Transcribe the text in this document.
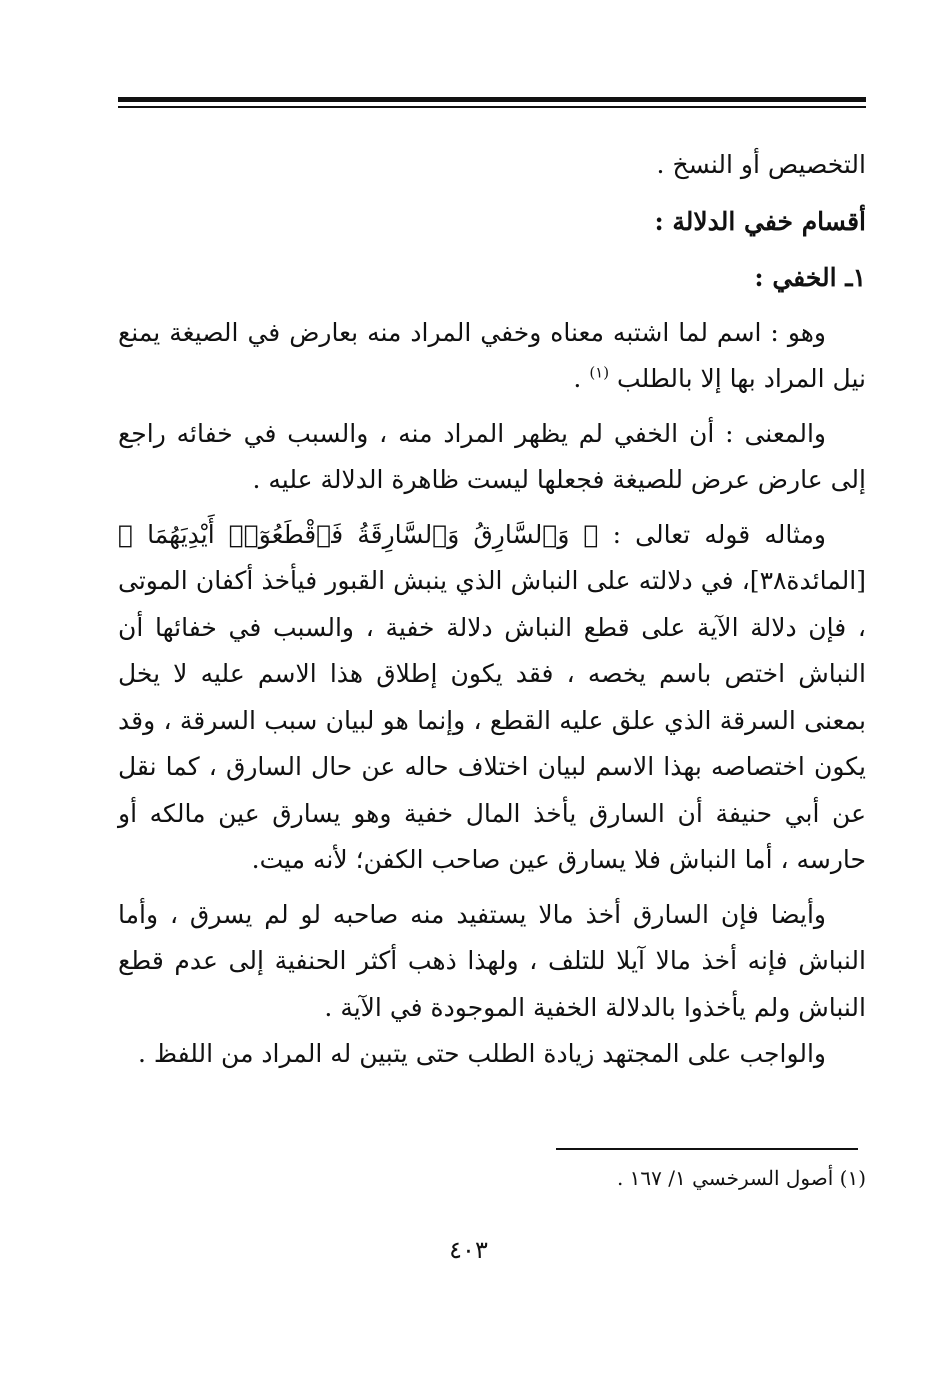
التخصيص أو النسخ .

أقسام خفي الدلالة :

١ـ الخفي :

وهو : اسم لما اشتبه معناه وخفي المراد منه بعارض في الصيغة يمنع نيل المراد بها إلا بالطلب $^{(١)}$ .

والمعنى : أن الخفي لم يظهر المراد منه ، والسبب في خفائه راجع إلى عارض عرض للصيغة فجعلها ليست ظاهرة الدلالة عليه .

ومثاله قوله تعالى : ﴿ وَٱلسَّارِقُ وَٱلسَّارِقَةُ فَٱقْطَعُوٓا۟ أَيْدِيَهُمَا ﴾ [المائدة٣٨]، في دلالته على النباش الذي ينبش القبور فيأخذ أكفان الموتى ، فإن دلالة الآية على قطع النباش دلالة خفية ، والسبب في خفائها أن النباش اختص باسم يخصه ، فقد يكون إطلاق هذا الاسم عليه لا يخل بمعنى السرقة الذي علق عليه القطع ، وإنما هو لبيان سبب السرقة ، وقد يكون اختصاصه بهذا الاسم لبيان اختلاف حاله عن حال السارق ، كما نقل عن أبي حنيفة أن السارق يأخذ المال خفية وهو يسارق عين مالكه أو حارسه ، أما النباش فلا يسارق عين صاحب الكفن؛ لأنه ميت.

وأيضا فإن السارق أخذ مالا يستفيد منه صاحبه لو لم يسرق ، وأما النباش فإنه أخذ مالا آيلا للتلف ، ولهذا ذهب أكثر الحنفية إلى عدم قطع النباش ولم يأخذوا بالدلالة الخفية الموجودة في الآية .

والواجب على المجتهد زيادة الطلب حتى يتبين له المراد من اللفظ .

(١) أصول السرخسي ١/ ١٦٧ .
٤٠٣
